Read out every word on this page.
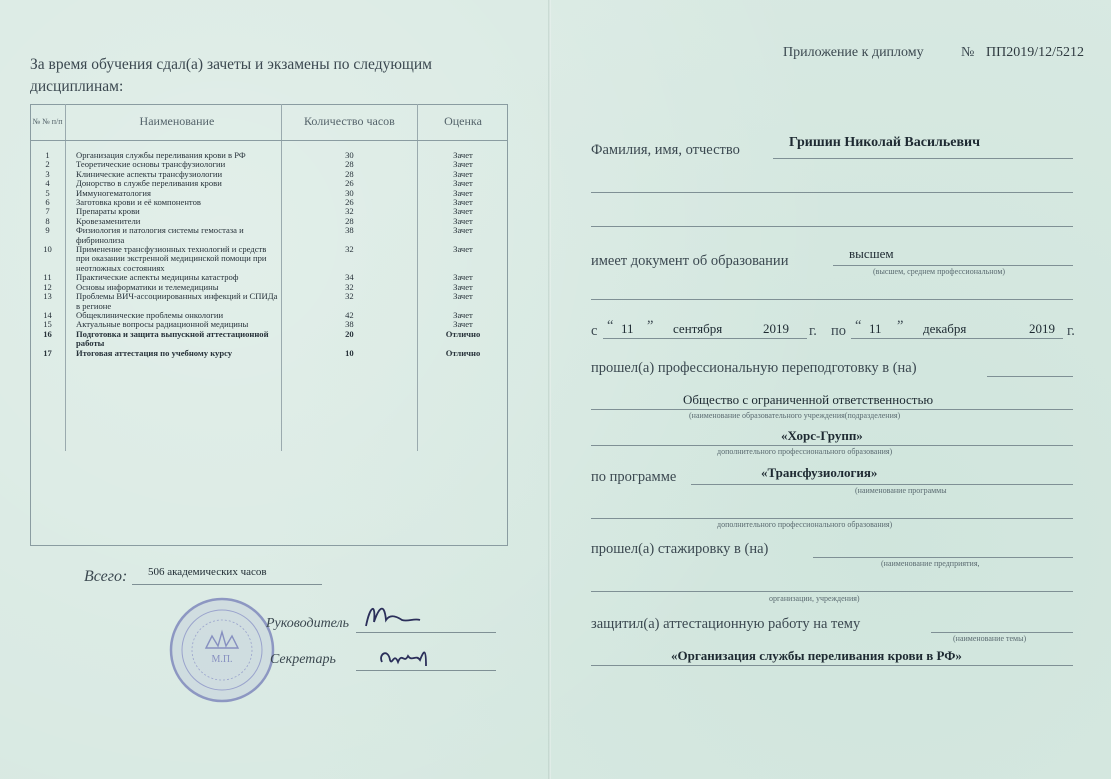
За время обучения сдал(а) зачеты и экзамены по следующим дисциплинам:
№ № п/п	Наименование	Количество часов	Оценка
1	Организация службы переливания крови в РФ	30	Зачет
2	Теоретические основы трансфузиологии	28	Зачет
3	Клинические аспекты трансфузиологии	28	Зачет
4	Донорство в службе переливания крови	26	Зачет
5	Иммуногематология	30	Зачет
6	Заготовка крови и её компонентов	26	Зачет
7	Препараты крови	32	Зачет
8	Кровезаменители	28	Зачет
9	Физиология и патология системы гемостаза и фибринолиза	38	Зачет
10	Применение трансфузионных технологий и средств при оказании экстренной медицинской помощи при неотложных состояниях	32	Зачет
11	Практические аспекты медицины катастроф	34	Зачет
12	Основы информатики и телемедицины	32	Зачет
13	Проблемы ВИЧ-ассоциированных инфекций и СПИДа в регионе	32	Зачет
14	Общеклинические проблемы онкологии	42	Зачет
15	Актуальные вопросы радиационной медицины	38	Зачет
16	Подготовка и защита выпускной аттестационной работы	20	Отлично
17	Итоговая аттестация по учебному курсу	10	Отлично

Всего: 506 академических часов
М.П.
Руководитель
Секретарь
Приложение к диплому	№ ПП2019/12/5212
Фамилия, имя, отчество	Гришин Николай Васильевич
имеет документ об образовании	высшем
(высшем, среднем профессиональном)
с “ 11 ” сентября	2019 г. по “ 11 ” декабря	2019 г.
прошел(а) профессиональную переподготовку в (на)
Общество с ограниченной ответственностью
(наименование образовательного учреждения(подразделения)
«Хорс-Групп»
дополнительного профессионального образования)
по программе	«Трансфузиология»
(наименование программы
дополнительного профессионального образования)
прошел(а) стажировку в (на)
(наименование предприятия,
организации, учреждения)
защитил(а) аттестационную работу на тему
(наименование темы)
«Организация службы переливания крови в РФ»
